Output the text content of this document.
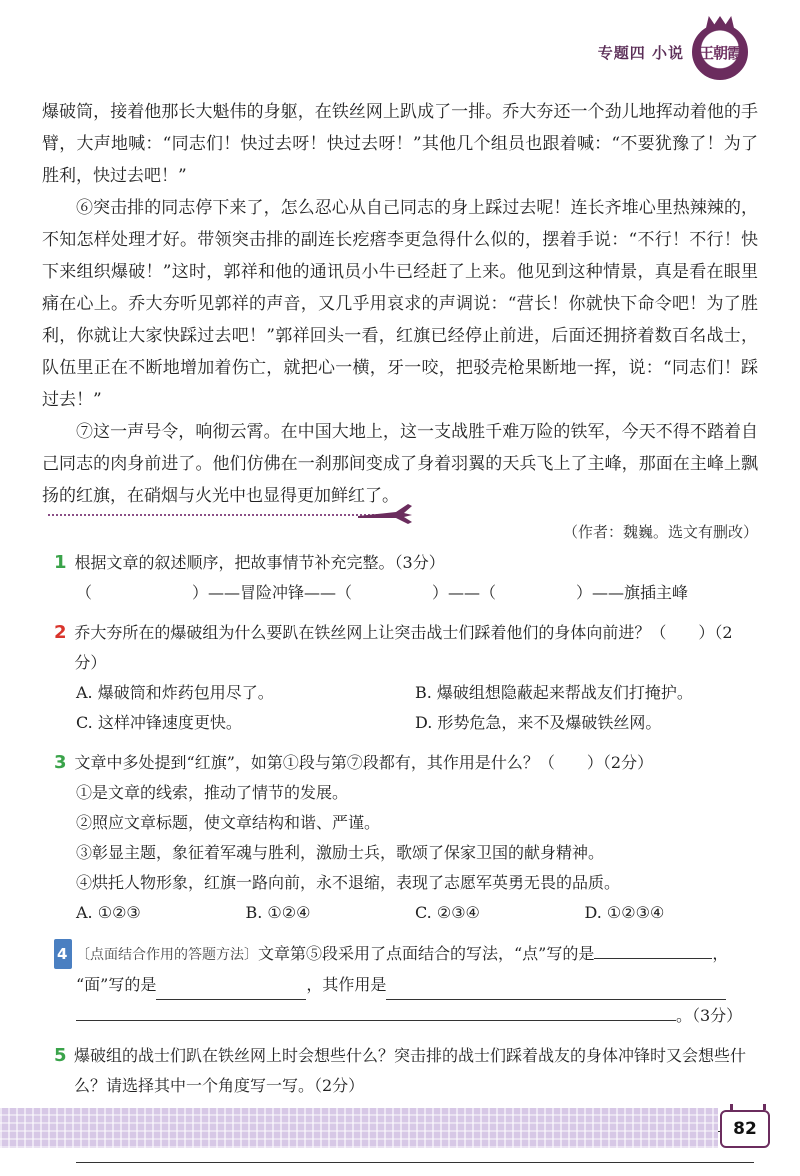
专题四 小说 王朝霞

爆破筒，接着他那长大魁伟的身躯，在铁丝网上趴成了一排。乔大夯还一个劲儿地挥动着他的手臂，大声地喊：“同志们！快过去呀！快过去呀！”其他几个组员也跟着喊：“不要犹豫了！为了胜利，快过去吧！”

⑥突击排的同志停下来了，怎么忍心从自己同志的身上踩过去呢！连长齐堆心里热辣辣的，不知怎样处理才好。带领突击排的副连长疙瘩李更急得什么似的，摆着手说：“不行！不行！快下来组织爆破！”这时，郭祥和他的通讯员小牛已经赶了上来。他见到这种情景，真是看在眼里痛在心上。乔大夯听见郭祥的声音，又几乎用哀求的声调说：“营长！你就快下命令吧！为了胜利，你就让大家快踩过去吧！”郭祥回头一看，红旗已经停止前进，后面还拥挤着数百名战士，队伍里正在不断地增加着伤亡，就把心一横，牙一咬，把驳壳枪果断地一挥，说：“同志们！踩过去！”

⑦这一声号令，响彻云霄。在中国大地上，这一支战胜千难万险的铁军，今天不得不踏着自己同志的肉身前进了。他们仿佛在一刹那间变成了身着羽翼的天兵飞上了主峰，那面在主峰上飘扬的红旗，在硝烟与火光中也显得更加鲜红了。

（作者：魏巍。选文有删改）
1 根据文章的叙述顺序，把故事情节补充完整。（3分）
（	）——冒险冲锋——（	）——（	）——旗插主峰
2 乔大夯所在的爆破组为什么要趴在铁丝网上让突击战士们踩着他们的身体向前进？（　　）（2分）
A. 爆破筒和炸药包用尽了。	B. 爆破组想隐蔽起来帮战友们打掩护。
C. 这样冲锋速度更快。	D. 形势危急，来不及爆破铁丝网。
3 文章中多处提到“红旗”，如第①段与第⑦段都有，其作用是什么？（　　）（2分）
①是文章的线索，推动了情节的发展。
②照应文章标题，使文章结构和谐、严谨。
③彰显主题，象征着军魂与胜利，激励士兵，歌颂了保家卫国的献身精神。
④烘托人物形象，红旗一路向前，永不退缩，表现了志愿军英勇无畏的品质。
A. ①②③	B. ①②④	C. ②③④	D. ①②③④
4 〔点面结合作用的答题方法〕 文章第⑤段采用了点面结合的写法，“点”写的是	，
“面”写的是	，其作用是
。（3分）
5 爆破组的战士们趴在铁丝网上时会想些什么？突击排的战士们踩着战友的身体冲锋时又会想些什么？请选择其中一个角度写一写。（2分）
82
